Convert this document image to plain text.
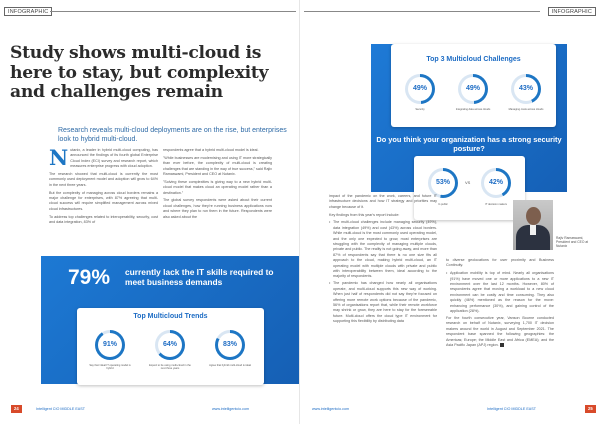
INFOGRAPHIC
Study shows multi-cloud is here to stay, but complexity and challenges remain
Research reveals multi-cloud deployments are on the rise, but enterprises look to hybrid multi-cloud.

Nutanix, a leader in hybrid multi-cloud computing, has announced the findings of its fourth global Enterprise Cloud Index (ECI) survey and research report, which measures enterprise progress with cloud adoption.

The research showed that multi-cloud is currently the most commonly used deployment model and adoption will grow to 64% in the next three years.

But the complexity of managing across cloud borders remains a major challenge for enterprises, with 87% agreeing that multi-cloud success will require simplified management across mixed cloud infrastructures.

To address top challenges related to interoperability, security, cost and data integration, 83% of

respondents agree that a hybrid multi-cloud model is ideal.

"While businesses are modernising and using IT more strategically than ever before, the complexity of multi-cloud is creating challenges that are standing in the way of true success," said Rajiv Ramaswami, President and CEO at Nutanix.

"Solving these complexities is giving way to a new hybrid multi-cloud model that makes cloud an operating model rather than a destination."

The global survey respondents were asked about their current cloud challenges, how they're running business applications now and where they plan to run them in the future. Respondents were also asked about the

79% currently lack the IT skills required to meet business demands
Top Multicloud Trends
91%
Say their ideal IT operating model is hybrid
64%
Expect to be using multi-cloud in the next three years
83%
Agree that hybrid multi-cloud is ideal
24	Intelligent CIO MIDDLE EAST	www.intelligentcio.com
INFOGRAPHIC
Top 3 Multicloud Challenges
49%
Security
49%
Integrating data across clouds
43%
Managing costs across clouds
Do you think your organization has a strong security posture?
53%
In public
VS	42%
IT decision makers
Rajiv Ramaswami, President and CEO at Nutanix

impact of the pandemic on the work, careers, and future IT infrastructure decisions and how IT strategy and priorities may change because of it.

Key findings from this year's report include:

• The multi-cloud challenges include managing security (49%), data integration (49%) and cost (43%) across cloud borders. While multi-cloud is the most commonly used operating model, and the only one expected to grow, most enterprises are struggling with the complexity of managing multiple clouds, private and public. The reality is not going away, and more than 87% of respondents say that there is no one size fits all approach to the cloud, making hybrid multi-cloud, an IT operating model with multiple clouds with private and public with interoperability between them, ideal according to the majority of respondents.
• The pandemic has changed how nearly all organisations operate, and multi-cloud supports this new way of working. When just half of respondents did not say they're focused on offering more remote work options because of the pandemic, 56% of organisations report that, while their remote workforce may shrink or grow, they are here to stay for the foreseeable future. Multi-cloud offers the cloud type IT environment for supporting this flexibility by distributing data

to diverse geolocations for user proximity and Business Continuity.

• Application mobility is top of mind. Nearly all organisations (91%) have moved one or more applications to a new IT environment over the last 12 months. However, 80% of respondents agree that moving a workload to a new cloud environment can be costly and time consuming. They also quickly (46%) mentioned as the reason for the move: enhancing performance (30%), and gaining control of the application (28%).

For the fourth consecutive year, Vanson Bourne conducted research on behalf of Nutanix, surveying 1,700 IT decision makers around the world in August and September 2021. The respondent base spanned the following geographies: the Americas; Europe; the Middle East and Africa (EMEA); and the Asia Pacific Japan (APJ) region.

www.intelligentcio.com	Intelligent CIO MIDDLE EAST	25
